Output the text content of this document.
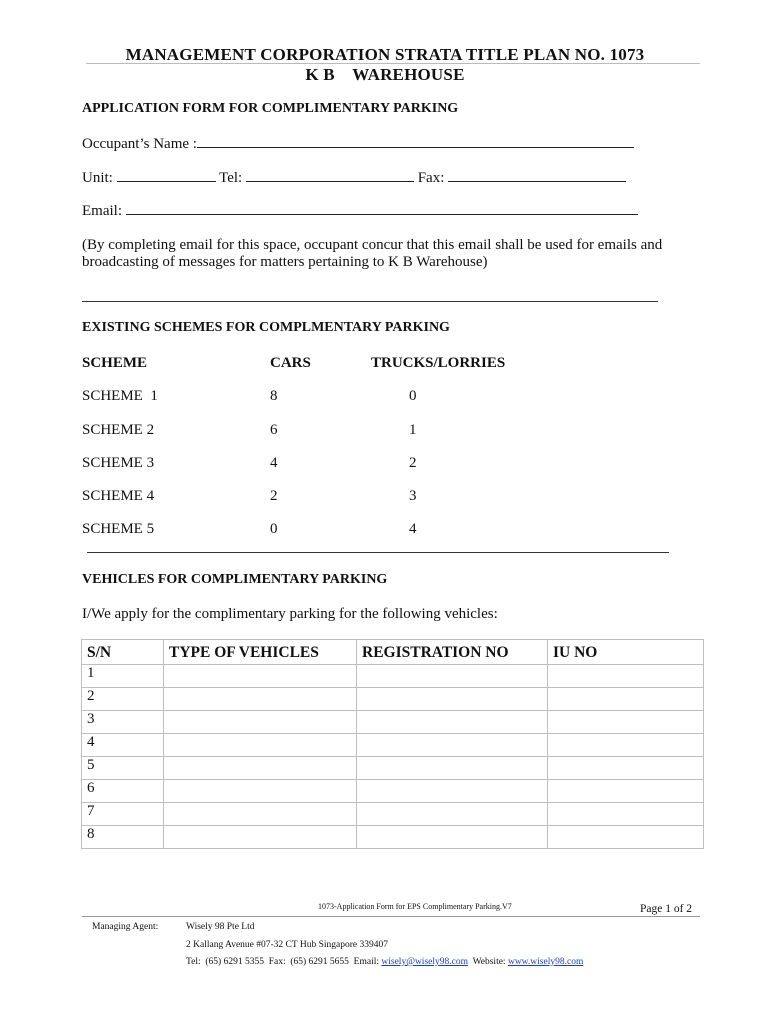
MANAGEMENT CORPORATION STRATA TITLE PLAN NO. 1073
K B    WAREHOUSE
APPLICATION FORM FOR COMPLIMENTARY PARKING
Occupant’s Name :
Unit:	Tel:	Fax:
Email:
(By completing email for this space, occupant concur that this email shall be used for emails and broadcasting of messages for matters pertaining to K B Warehouse)
EXISTING SCHEMES FOR COMPLMENTARY PARKING
SCHEME	CARS	TRUCKS/LORRIES
SCHEME  1	8	0
SCHEME 2	6	1
SCHEME 3	4	2
SCHEME 4	2	3
SCHEME 5	0	4
VEHICLES FOR COMPLIMENTARY PARKING
I/We apply for the complimentary parking for the following vehicles:
S/N	TYPE OF VEHICLES	REGISTRATION NO	IU NO
1			
2			
3			
4			
5			
6			
7			
8			
1073-Application Form for EPS Complimentary Parking.V7	Page 1 of 2
Managing Agent:	Wisely 98 Pte Ltd
2 Kallang Avenue #07-32 CT Hub Singapore 339407
Tel:  (65) 6291 5355  Fax:  (65) 6291 5655  Email: wisely@wisely98.com  Website: www.wisely98.com
